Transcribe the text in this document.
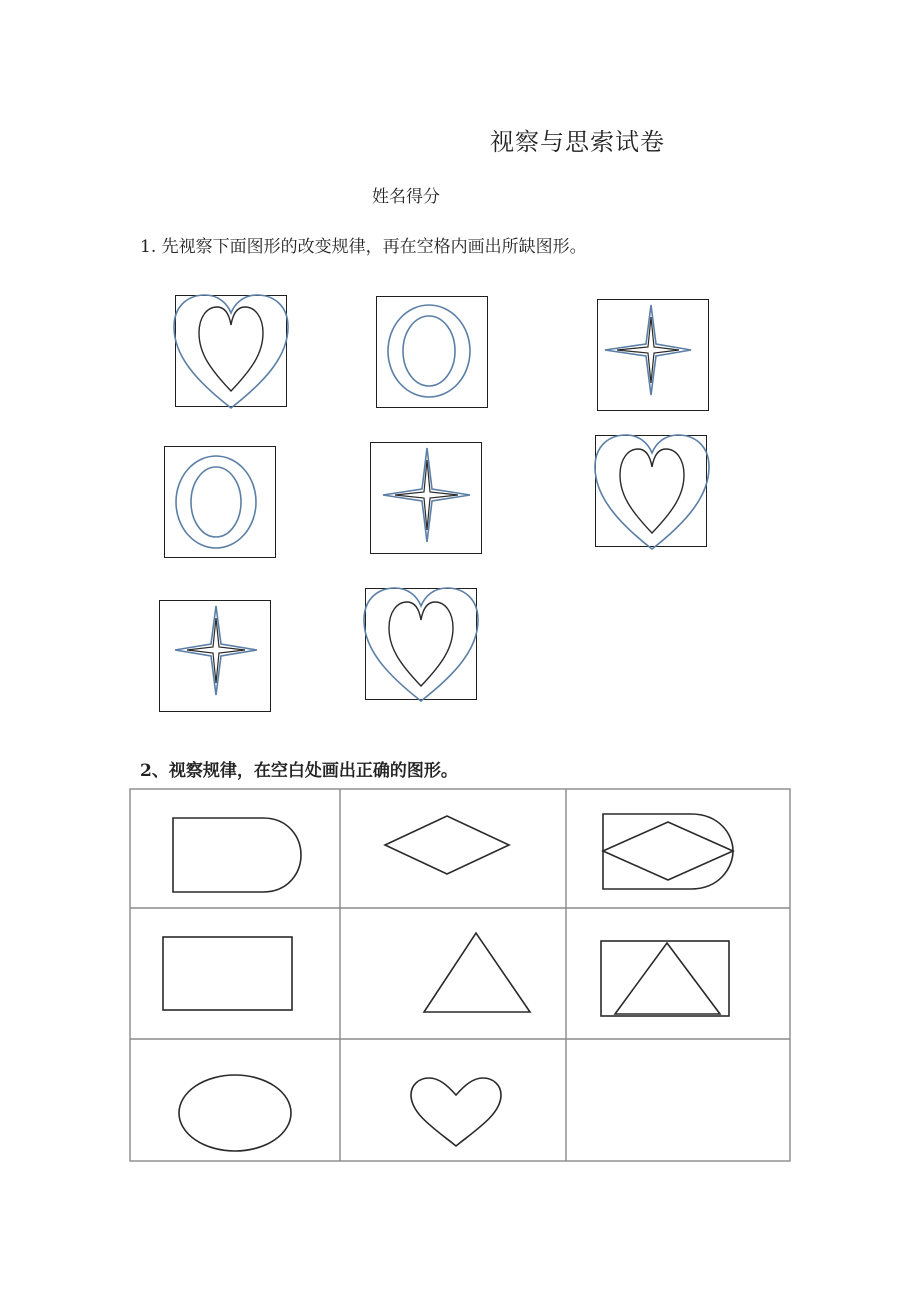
视察与思索试卷
姓名得分
1. 先视察下面图形的改变规律，再在空格内画出所缺图形。
2、视察规律，在空白处画出正确的图形。
